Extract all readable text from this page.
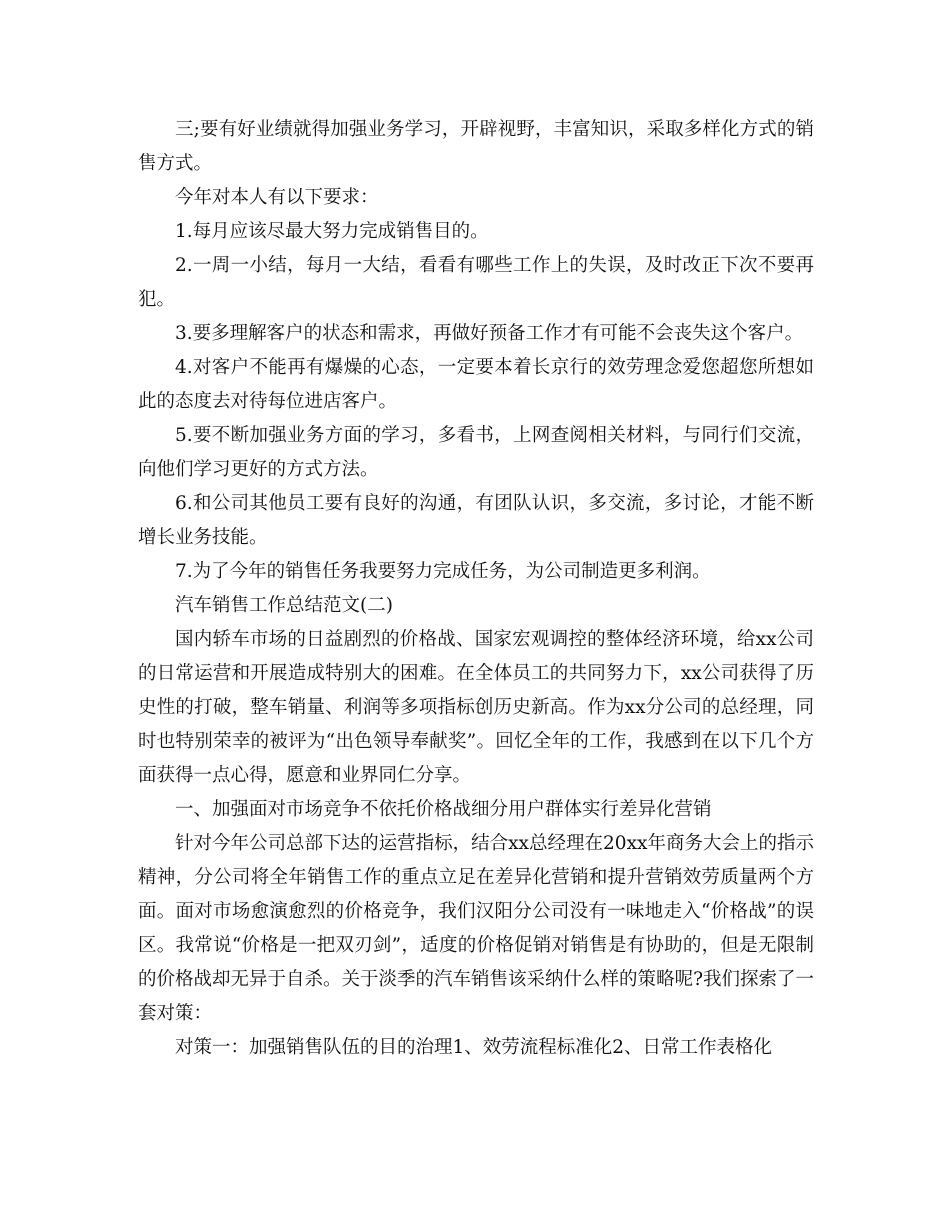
三;要有好业绩就得加强业务学习，开辟视野，丰富知识，采取多样化方式的销售方式。

今年对本人有以下要求：

1.每月应该尽最大努力完成销售目的。

2.一周一小结，每月一大结，看看有哪些工作上的失误，及时改正下次不要再犯。

3.要多理解客户的状态和需求，再做好预备工作才有可能不会丧失这个客户。

4.对客户不能再有爆燥的心态，一定要本着长京行的效劳理念爱您超您所想如此的态度去对待每位进店客户。

5.要不断加强业务方面的学习，多看书，上网查阅相关材料，与同行们交流，向他们学习更好的方式方法。

6.和公司其他员工要有良好的沟通，有团队认识，多交流，多讨论，才能不断增长业务技能。

7.为了今年的销售任务我要努力完成任务，为公司制造更多利润。

汽车销售工作总结范文(二)

国内轿车市场的日益剧烈的价格战、国家宏观调控的整体经济环境，给xx公司的日常运营和开展造成特别大的困难。在全体员工的共同努力下，xx公司获得了历史性的打破，整车销量、利润等多项指标创历史新高。作为xx分公司的总经理，同时也特别荣幸的被评为“出色领导奉献奖”。回忆全年的工作，我感到在以下几个方面获得一点心得，愿意和业界同仁分享。

一、加强面对市场竞争不依托价格战细分用户群体实行差异化营销

针对今年公司总部下达的运营指标，结合xx总经理在20xx年商务大会上的指示精神，分公司将全年销售工作的重点立足在差异化营销和提升营销效劳质量两个方面。面对市场愈演愈烈的价格竞争，我们汉阳分公司没有一味地走入“价格战”的误区。我常说“价格是一把双刃剑”，适度的价格促销对销售是有协助的，但是无限制的价格战却无异于自杀。关于淡季的汽车销售该采纳什么样的策略呢?我们探索了一套对策：

对策一：加强销售队伍的目的治理1、效劳流程标准化2、日常工作表格化
